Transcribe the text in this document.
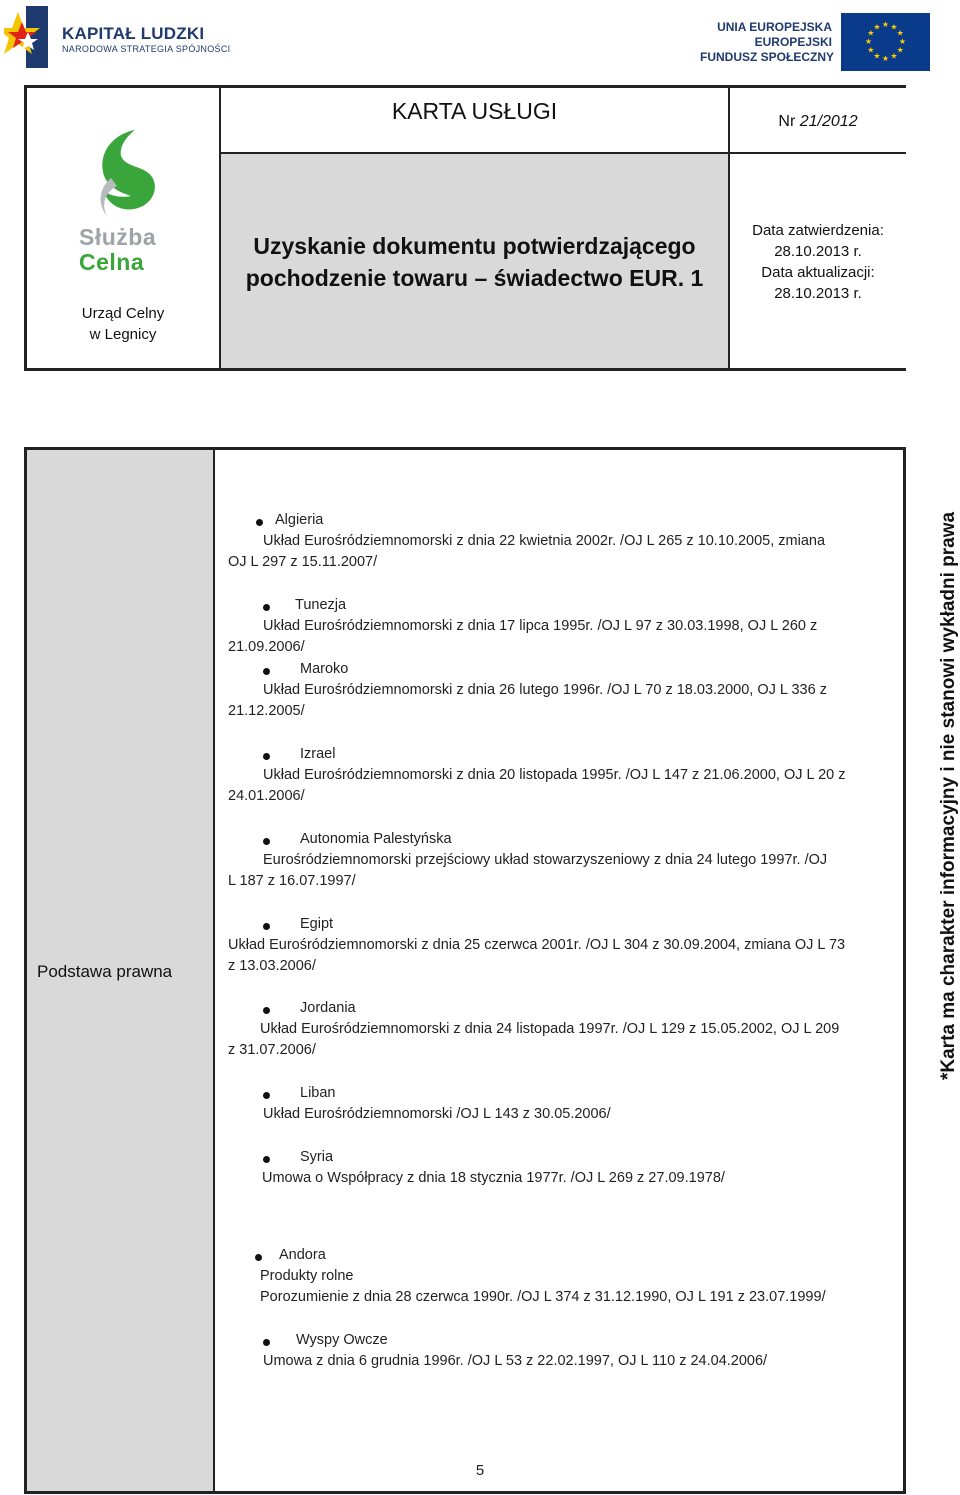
KAPITAŁ LUDZKI
NARODOWA STRATEGIA SPÓJNOŚCI
UNIA EUROPEJSKA
EUROPEJSKI
FUNDUSZ SPOŁECZNY
★ ★
★
★
★
★
★
★
★
★
★
★
Służba
Celna
Urząd Celny
w Legnicy
KARTA USŁUGI
Uzyskanie dokumentu potwierdzającego
pochodzenie towaru – świadectwo EUR. 1
Nr 21/2012
Data zatwierdzenia:
28.10.2013 r.
Data aktualizacji:
28.10.2013 r.
Podstawa prawna
Algieria
Układ Eurośródziemnomorski z dnia 22 kwietnia 2002r. /OJ L 265 z 10.10.2005, zmiana
OJ L 297 z 15.11.2007/
Tunezja
Układ Eurośródziemnomorski z dnia 17 lipca 1995r. /OJ L 97 z 30.03.1998, OJ L 260 z
21.09.2006/
Maroko
Układ Eurośródziemnomorski z dnia 26 lutego 1996r. /OJ L 70 z 18.03.2000, OJ L 336 z
21.12.2005/
Izrael
Układ Eurośródziemnomorski z dnia 20 listopada 1995r. /OJ L 147 z 21.06.2000, OJ L 20 z
24.01.2006/
Autonomia Palestyńska
Eurośródziemnomorski przejściowy układ stowarzyszeniowy z dnia 24 lutego 1997r. /OJ
L 187 z 16.07.1997/
Egipt
Układ Eurośródziemnomorski z dnia 25 czerwca 2001r. /OJ L 304 z 30.09.2004, zmiana OJ L 73
z 13.03.2006/
Jordania
Układ Eurośródziemnomorski z dnia 24 listopada 1997r. /OJ L 129 z 15.05.2002, OJ L 209
z 31.07.2006/
Liban
Układ Eurośródziemnomorski /OJ L 143 z 30.05.2006/
Syria
Umowa o Współpracy z dnia 18 stycznia 1977r. /OJ L 269 z 27.09.1978/
Andora
Produkty rolne
Porozumienie z dnia 28 czerwca 1990r. /OJ L 374 z 31.12.1990, OJ L 191 z 23.07.1999/
Wyspy Owcze
Umowa z dnia 6 grudnia 1996r. /OJ L 53 z 22.02.1997, OJ L 110 z 24.04.2006/
*Karta ma charakter informacyjny i nie stanowi wykładni prawa
5
